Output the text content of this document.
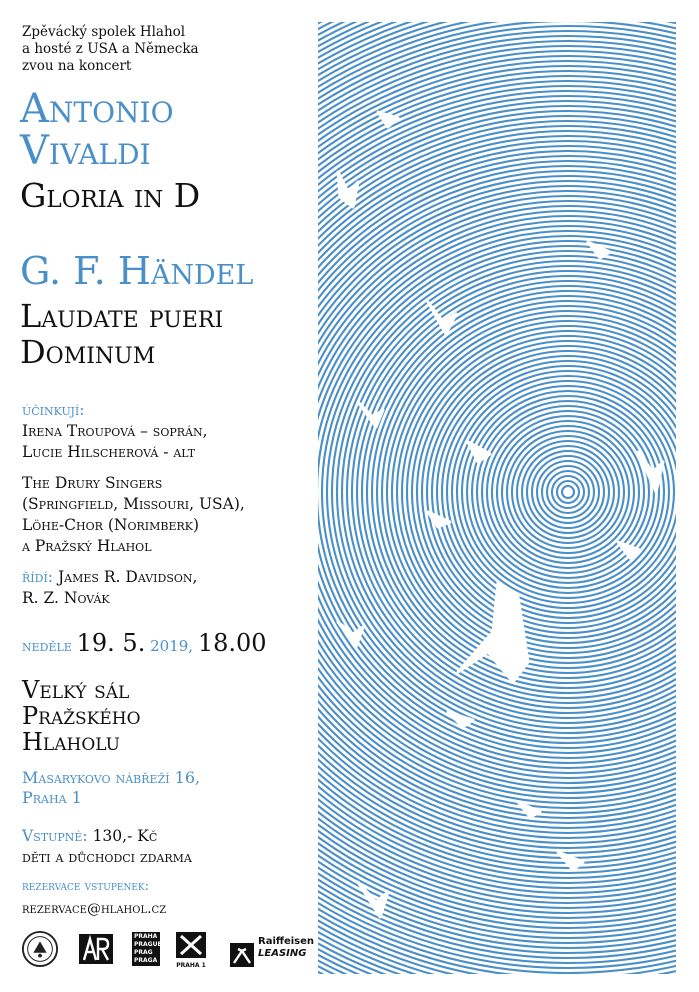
Zpěvácký spolek Hlahol
a hosté z USA a Německa
zvou na koncert
Antonio
Vivaldi
Gloria in D
G. F. Händel
Laudate pueri
Dominum
účinkují:
Irena Troupová – soprán,
Lucie Hilscherová - alt
The Drury Singers
(Springfield, Missouri, USA),
Löhe-Chor (Norimberk)
a Pražský Hlahol
řídí: James R. Davidson,
R. Z. Novák
neděle 19. 5. 2019, 18.00
Velký sál
Pražského
Hlaholu
Masarykovo nábřeží 16,
Praha 1
Vstupné: 130,- Kč
děti a důchodci zdarma
rezervace vstupenek:
rezervace@hlahol.cz
PRAHA
PRAGUE
PRAG
PRAGA
PRAHA 1
Raiffeisen
LEASING
